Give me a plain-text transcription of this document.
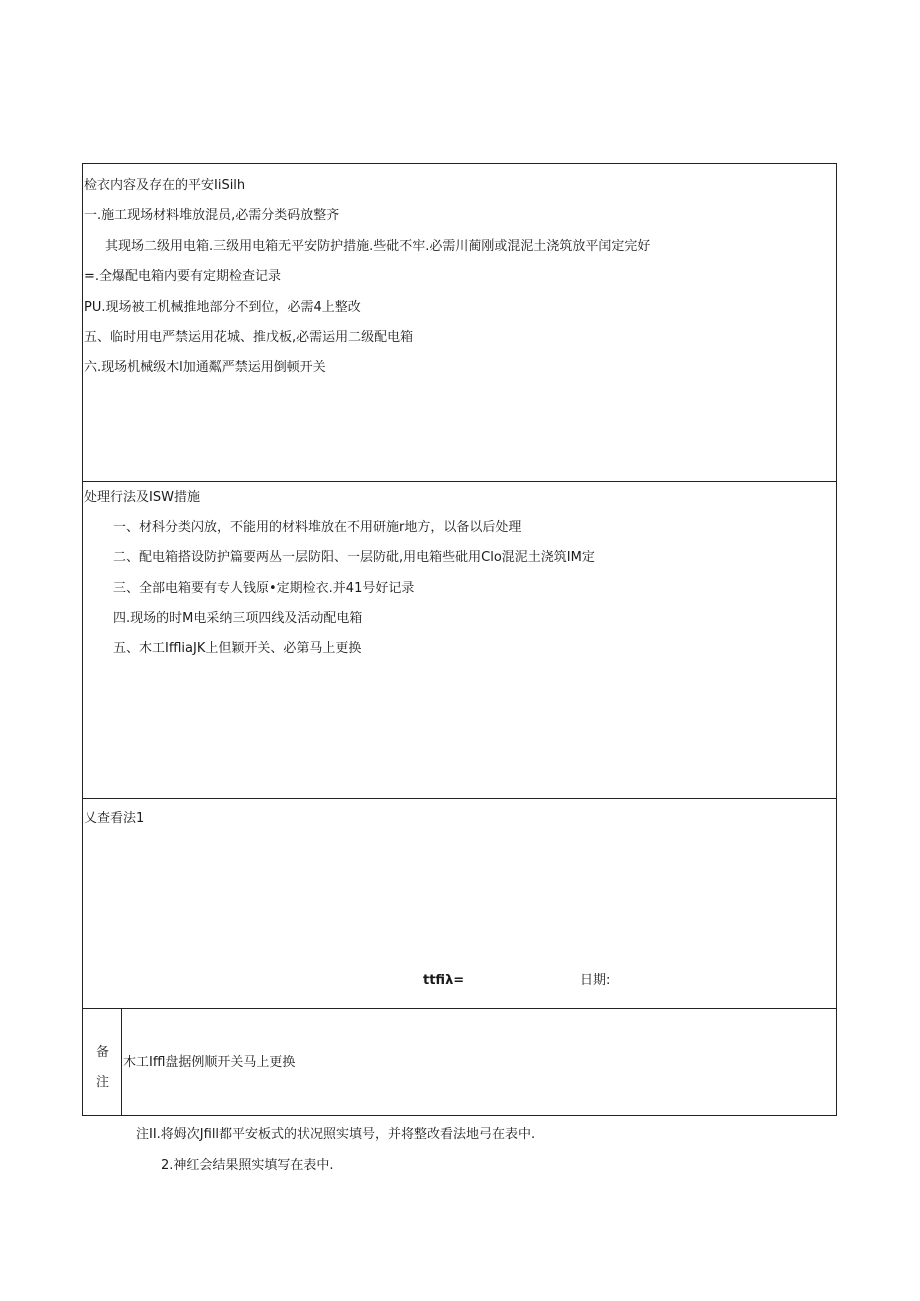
检衣内容及存在的平安IiSilh
一.施工现场材料堆放混员,必需分类码放整齐
其现场二级用电箱.三级用电箱无平安防护措施.些砒不牢.必需川蔺刚或混泥土浇筑放平闰定完好
=.全爆配电箱内要有定期检查记录
PU.现场被工机械推地部分不到位，必需4上整改
五、临时用电严禁运用花城、推戊板,必需运用二级配电箱
六.现场机械级木l加通粼严禁运用倒顿开关
处理行法及ISW措施
一、材科分类闪放，不能用的材料堆放在不用研施r地方，以备以后处理
二、配电箱搭设防护篇要两丛一层防阳、一层防砒,用电箱些砒用Clo混泥土浇筑IM定
三、全部电箱要有专人钱原•定期检衣.并41号好记录
四.现场的时M电采纳三项四线及活动配电箱
五、木工IffliaJK上但颖开关、必第马上更换
乂查看法1
ttfiλ=	日期:
备
注
木工Iffl盘据例顺开关马上更换
注II.将姆次Jfill都平安板式的状况照实填号，并将整改看法地弓在表中.
2.神红会结果照实填写在表中.
